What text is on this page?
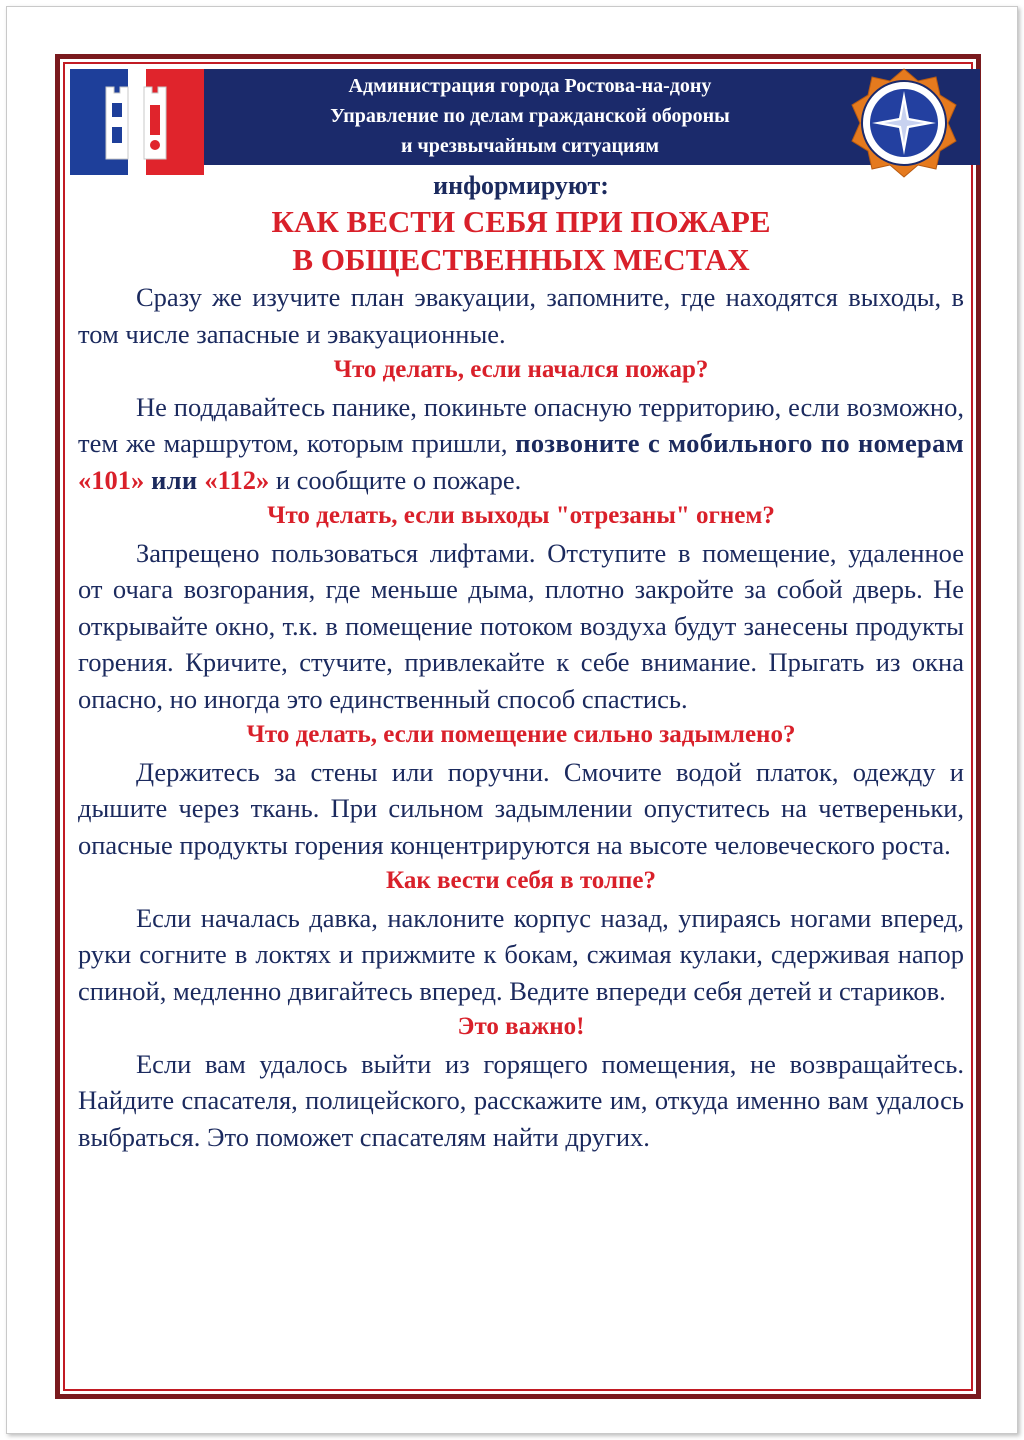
Администрация города Ростова-на-дону
Управление по делам гражданской обороны
и чрезвычайным ситуациям
информируют:
КАК ВЕСТИ СЕБЯ ПРИ ПОЖАРЕ
В ОБЩЕСТВЕННЫХ МЕСТАХ

Сразу же изучите план эвакуации, запомните, где находятся выходы, в том числе запасные и эвакуационные.

Что делать, если начался пожар?

Не поддавайтесь панике, покиньте опасную территорию, если возможно, тем же маршрутом, которым пришли, позвоните с мобильного по номерам «101» или «112» и сообщите о пожаре.

Что делать, если выходы "отрезаны" огнем?

Запрещено пользоваться лифтами. Отступите в помещение, удаленное от очага возгорания, где меньше дыма, плотно закройте за собой дверь. Не открывайте окно, т.к. в помещение потоком воздуха будут занесены продукты горения. Кричите, стучите, привлекайте к себе внимание. Прыгать из окна опасно, но иногда это единственный способ спастись.

Что делать, если помещение сильно задымлено?

Держитесь за стены или поручни. Смочите водой платок, одежду и дышите через ткань. При сильном задымлении опуститесь на четвереньки, опасные продукты горения концентрируются на высоте человеческого роста.

Как вести себя в толпе?

Если началась давка, наклоните корпус назад, упираясь ногами вперед, руки согните в локтях и прижмите к бокам, сжимая кулаки, сдерживая напор спиной, медленно двигайтесь вперед. Ведите впереди себя детей и стариков.

Это важно!

Если вам удалось выйти из горящего помещения, не возвращайтесь. Найдите спасателя, полицейского, расскажите им, откуда именно вам удалось выбраться. Это поможет спасателям найти других.
